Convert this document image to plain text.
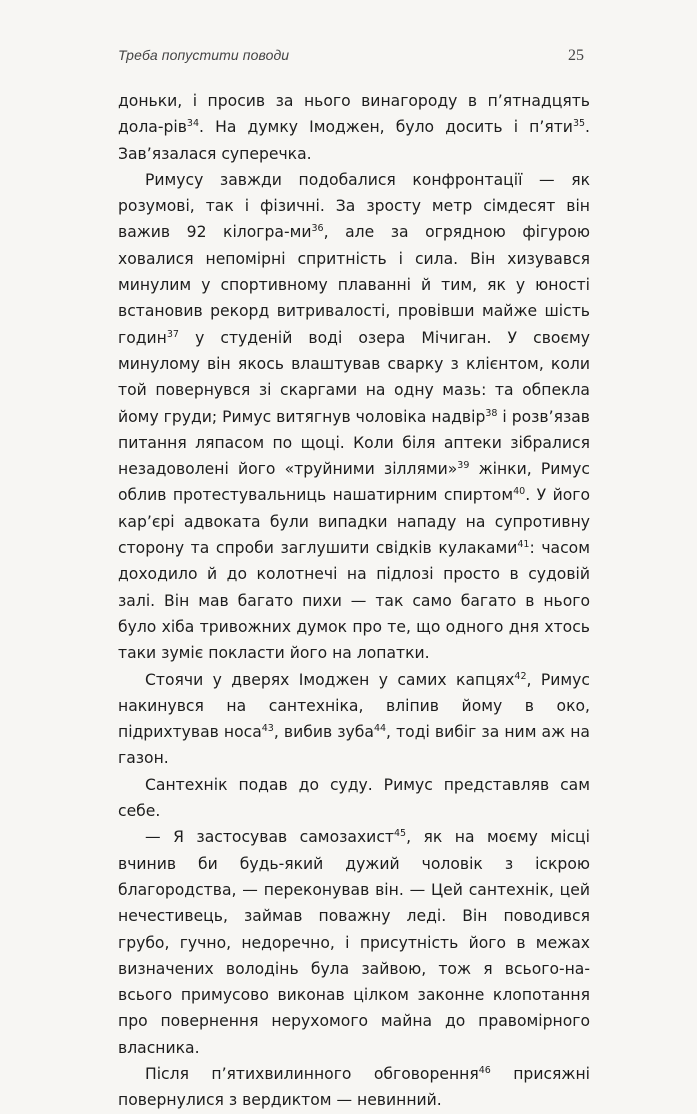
Треба попустити поводи	25

доньки, і просив за нього винагороду в п’ятнадцять дола-рів$^{34}$. На думку Імоджен, було досить і п’яти$^{35}$. Зав’язалася суперечка.

Римусу завжди подобалися конфронтації — як розумові, так і фізичні. За зросту метр сімдесят він важив 92 кілогра-$ми^{36}$, але за огрядною фігурою ховалися непомірні спритність і сила. Він хизувався минулим у спортивному плаванні й тим, як у юності встановив рекорд витривалості, провівши майже шість годин$^{37}$ у студеній воді озера Мічиган. У своєму минулому він якось влаштував сварку з клієнтом, коли той повернувся зі скаргами на одну мазь: та обпекла йому груди; Римус витягнув чоловіка надвір$^{38}$ і розв’язав питання ляпасом по щоці. Коли біля аптеки зібралися незадоволені його «труйними зіллями»$^{39}$ жінки, Римус облив протестувальниць нашатирним спиртом$^{40}$. У його кар’єрі адвоката були випадки нападу на супротивну сторону та спроби заглушити свідків кулаками$^{41}$: часом доходило й до колотнечі на підлозі просто в судовій залі. Він мав багато пихи — так само багато в нього було хіба тривожних думок про те, що одного дня хтось таки зуміє покласти його на лопатки.

Стоячи у дверях Імоджен у самих капцях$^{42}$, Римус накинувся на сантехніка, вліпив йому в око, підрихтував носа$^{43}$, вибив зуба$^{44}$, тоді вибіг за ним аж на газон.

Сантехнік подав до суду. Римус представляв сам себе.

— Я застосував самозахист$^{45}$, як на моєму місці вчинив би будь-який дужий чоловік з іскрою благородства, — переконував він. — Цей сантехнік, цей нечестивець, займав поважну леді. Він поводився грубо, гучно, недоречно, і присутність його в межах визначених володінь була зайвою, тож я всього-на-всього примусово виконав цілком законне клопотання про повернення нерухомого майна до правомірного власника.

Після п’ятихвилинного обговорення$^{46}$ присяжні повернулися з вердиктом — невинний.
